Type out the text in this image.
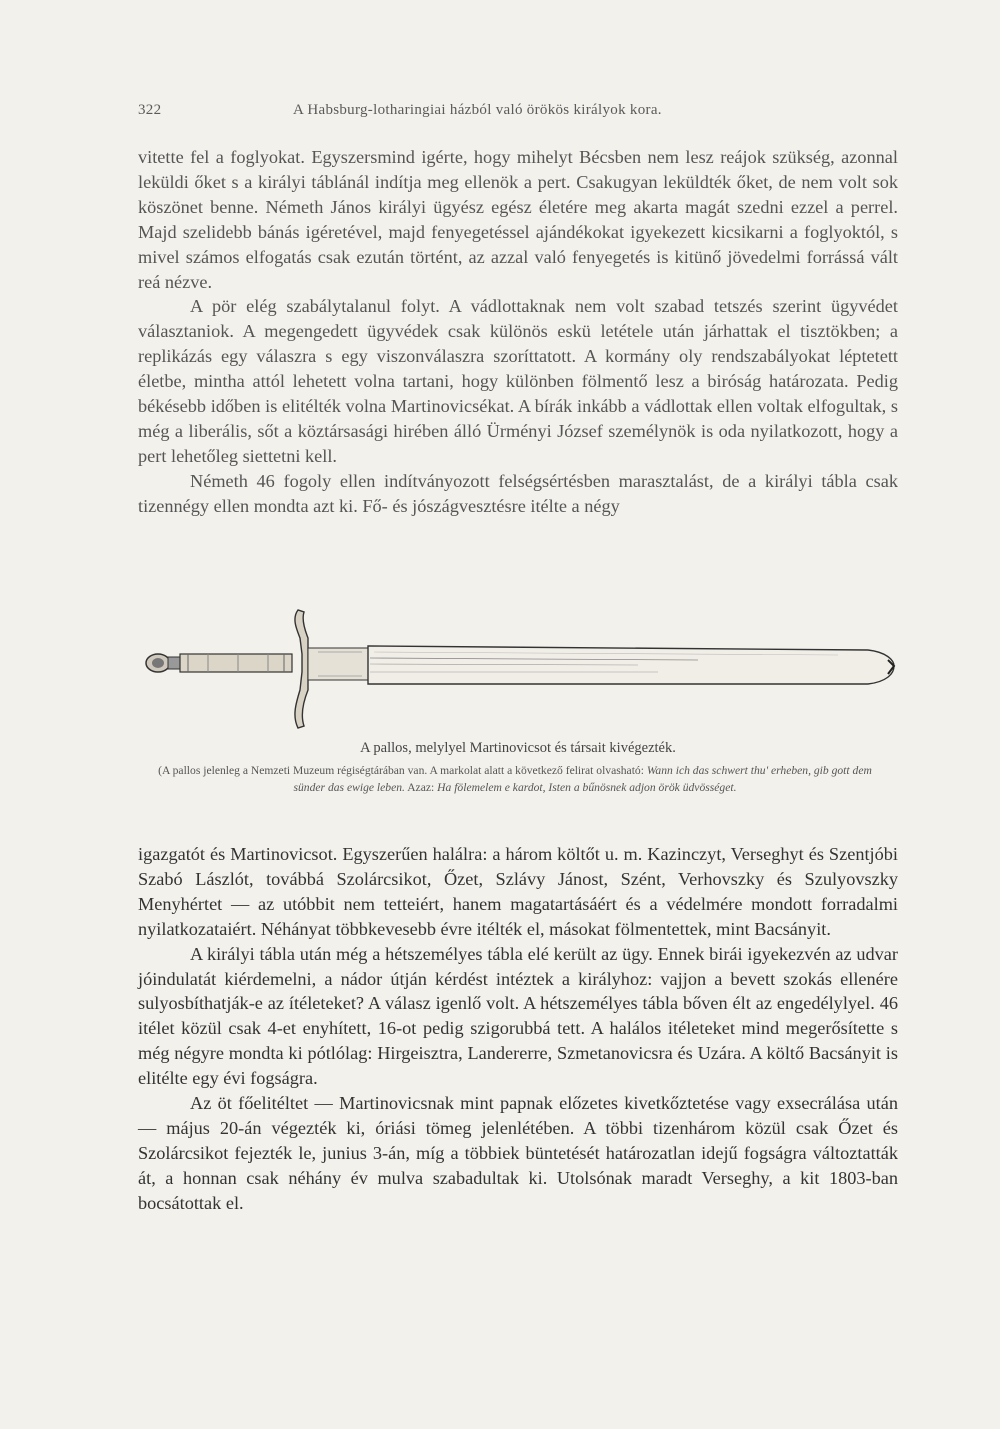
322	A Habsburg-lotharingiai házból való örökös királyok kora.

vitette fel a foglyokat. Egyszersmind igérte, hogy mihelyt Bécsben nem lesz reájok szükség, azonnal leküldi őket s a királyi táblánál indítja meg ellenök a pert. Csakugyan leküldték őket, de nem volt sok köszönet benne. Németh János királyi ügyész egész életére meg akarta magát szedni ezzel a perrel. Majd szelidebb bánás igéretével, majd fenyegetéssel ajándékokat igyekezett kicsikarni a foglyoktól, s mivel számos elfogatás csak ezután történt, az azzal való fenyegetés is kitünő jövedelmi forrássá vált reá nézve.

A pör elég szabálytalanul folyt. A vádlottaknak nem volt szabad tetszés szerint ügyvédet választaniok. A megengedett ügyvédek csak különös eskü letétele után járhattak el tisztökben; a replikázás egy válaszra s egy viszonválaszra szoríttatott. A kormány oly rendszabályokat léptetett életbe, mintha attól lehetett volna tartani, hogy különben fölmentő lesz a biróság határozata. Pedig békésebb időben is elitélték volna Martinovicsékat. A bírák inkább a vádlottak ellen voltak elfogultak, s még a liberális, sőt a köztársasági hirében álló Ürményi József személynök is oda nyilatkozott, hogy a pert lehetőleg siettetni kell.

Németh 46 fogoly ellen indítványozott felségsértésben marasztalást, de a királyi tábla csak tizennégy ellen mondta azt ki. Fő- és jószágvesztésre itélte a négy

A pallos, melylyel Martinovicsot és társait kivégezték.
(A pallos jelenleg a Nemzeti Muzeum régiségtárában van. A markolat alatt a következő felirat olvasható: Wann ich das schwert thu' erheben, gib gott dem sünder das ewige leben. Azaz: Ha fölemelem e kardot, Isten a bűnösnek adjon örök üdvösséget.

igazgatót és Martinovicsot. Egyszerűen halálra: a három költőt u. m. Kazinczyt, Verseghyt és Szentjóbi Szabó Lászlót, továbbá Szolárcsikot, Őzet, Szlávy Jánost, Szént, Verhovszky és Szulyovszky Menyhértet — az utóbbit nem tetteiért, hanem magatartásáért és a védelmére mondott forradalmi nyilatkozataiért. Néhányat többkevesebb évre itélték el, másokat fölmentettek, mint Bacsányit.

A királyi tábla után még a hétszemélyes tábla elé került az ügy. Ennek birái igyekezvén az udvar jóindulatát kiérdemelni, a nádor útján kérdést intéztek a királyhoz: vajjon a bevett szokás ellenére sulyosbíthatják-e az ítéleteket? A válasz igenlő volt. A hétszemélyes tábla bőven élt az engedélylyel. 46 itélet közül csak 4-et enyhített, 16-ot pedig szigorubbá tett. A halálos itéleteket mind megerősítette s még négyre mondta ki pótlólag: Hirgeisztra, Landererre, Szmetanovicsra és Uzára. A költő Bacsányit is elitélte egy évi fogságra.

Az öt főelitéltet — Martinovicsnak mint papnak előzetes kivetkőztetése vagy exsecrálása után — május 20-án végezték ki, óriási tömeg jelenlétében. A többi tizenhárom közül csak Őzet és Szolárcsikot fejezték le, junius 3-án, míg a többiek büntetését határozatlan idejű fogságra változtatták át, a honnan csak néhány év mulva szabadultak ki. Utolsónak maradt Verseghy, a kit 1803-ban bocsátottak el.
